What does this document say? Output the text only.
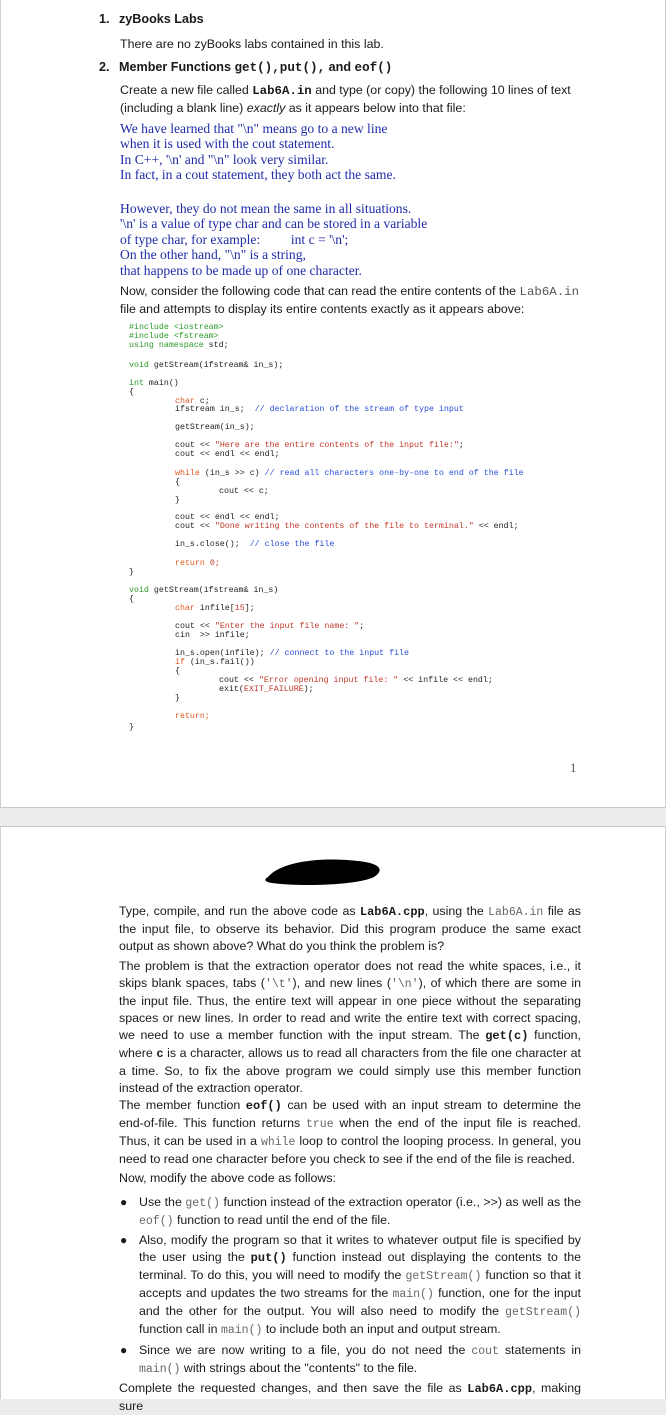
1. zyBooks Labs
There are no zyBooks labs contained in this lab.
2. Member Functions get(),put(), and eof()
Create a new file called Lab6A.in and type (or copy) the following 10 lines of text (including a blank line) exactly as it appears below into that file:
We have learned that "\n" means go to a new line
when it is used with the cout statement.
In C++, '\n' and "\n" look very similar.
In fact, in a cout statement, they both act the same.
However, they do not mean the same in all situations.
'\n' is a value of type char and can be stored in a variable
of type char, for example:         int c = '\n';
On the other hand, "\n" is a string,
that happens to be made up of one character.
Now, consider the following code that can read the entire contents of the Lab6A.in file and attempts to display its entire contents exactly as it appears above:
#include <iostream>
#include <fstream>
using namespace std;
void getStream(ifstream& in_s);
int main()
{
char c;
ifstream in_s; // declaration of the stream of type input
getStream(in_s);
cout << "Here are the entire contents of the input file:";
cout << endl << endl;
while (in_s >> c) // read all characters one-by-one to end of the file
{
cout << c;
}
cout << endl << endl;
cout << "Done writing the contents of the file to terminal." << endl;
in_s.close(); // close the file
return 0;
}
void getStream(ifstream& in_s)
{
char infile[15];
cout << "Enter the input file name: ";
cin  >> infile;
in_s.open(infile); // connect to the input file
if (in_s.fail())
{
cout << "Error opening input file: " << infile << endl;
exit(EXIT_FAILURE);
}
return;
}
1
Type, compile, and run the above code as Lab6A.cpp, using the Lab6A.in file as the input file, to observe its behavior. Did this program produce the same exact output as shown above? What do you think the problem is?
The problem is that the extraction operator does not read the white spaces, i.e., it skips blank spaces, tabs ('\t'), and new lines ('\n'), of which there are some in the input file. Thus, the entire text will appear in one piece without the separating spaces or new lines. In order to read and write the entire text with correct spacing, we need to use a member function with the input stream. The get(c) function, where c is a character, allows us to read all characters from the file one character at a time. So, to fix the above program we could simply use this member function instead of the extraction operator.
The member function eof() can be used with an input stream to determine the end-of-file. This function returns true when the end of the input file is reached. Thus, it can be used in a while loop to control the looping process. In general, you need to read one character before you check to see if the end of the file is reached.
Now, modify the above code as follows:
● Use the get() function instead of the extraction operator (i.e., >>) as well as the eof() function to read until the end of the file.
● Also, modify the program so that it writes to whatever output file is specified by the user using the put() function instead out displaying the contents to the terminal. To do this, you will need to modify the getStream() function so that it accepts and updates the two streams for the main() function, one for the input and the other for the output. You will also need to modify the getStream() function call in main() to include both an input and output stream.
● Since we are now writing to a file, you do not need the cout statements in main() with strings about the "contents" to the file.
Complete the requested changes, and then save the file as Lab6A.cpp, making sure
